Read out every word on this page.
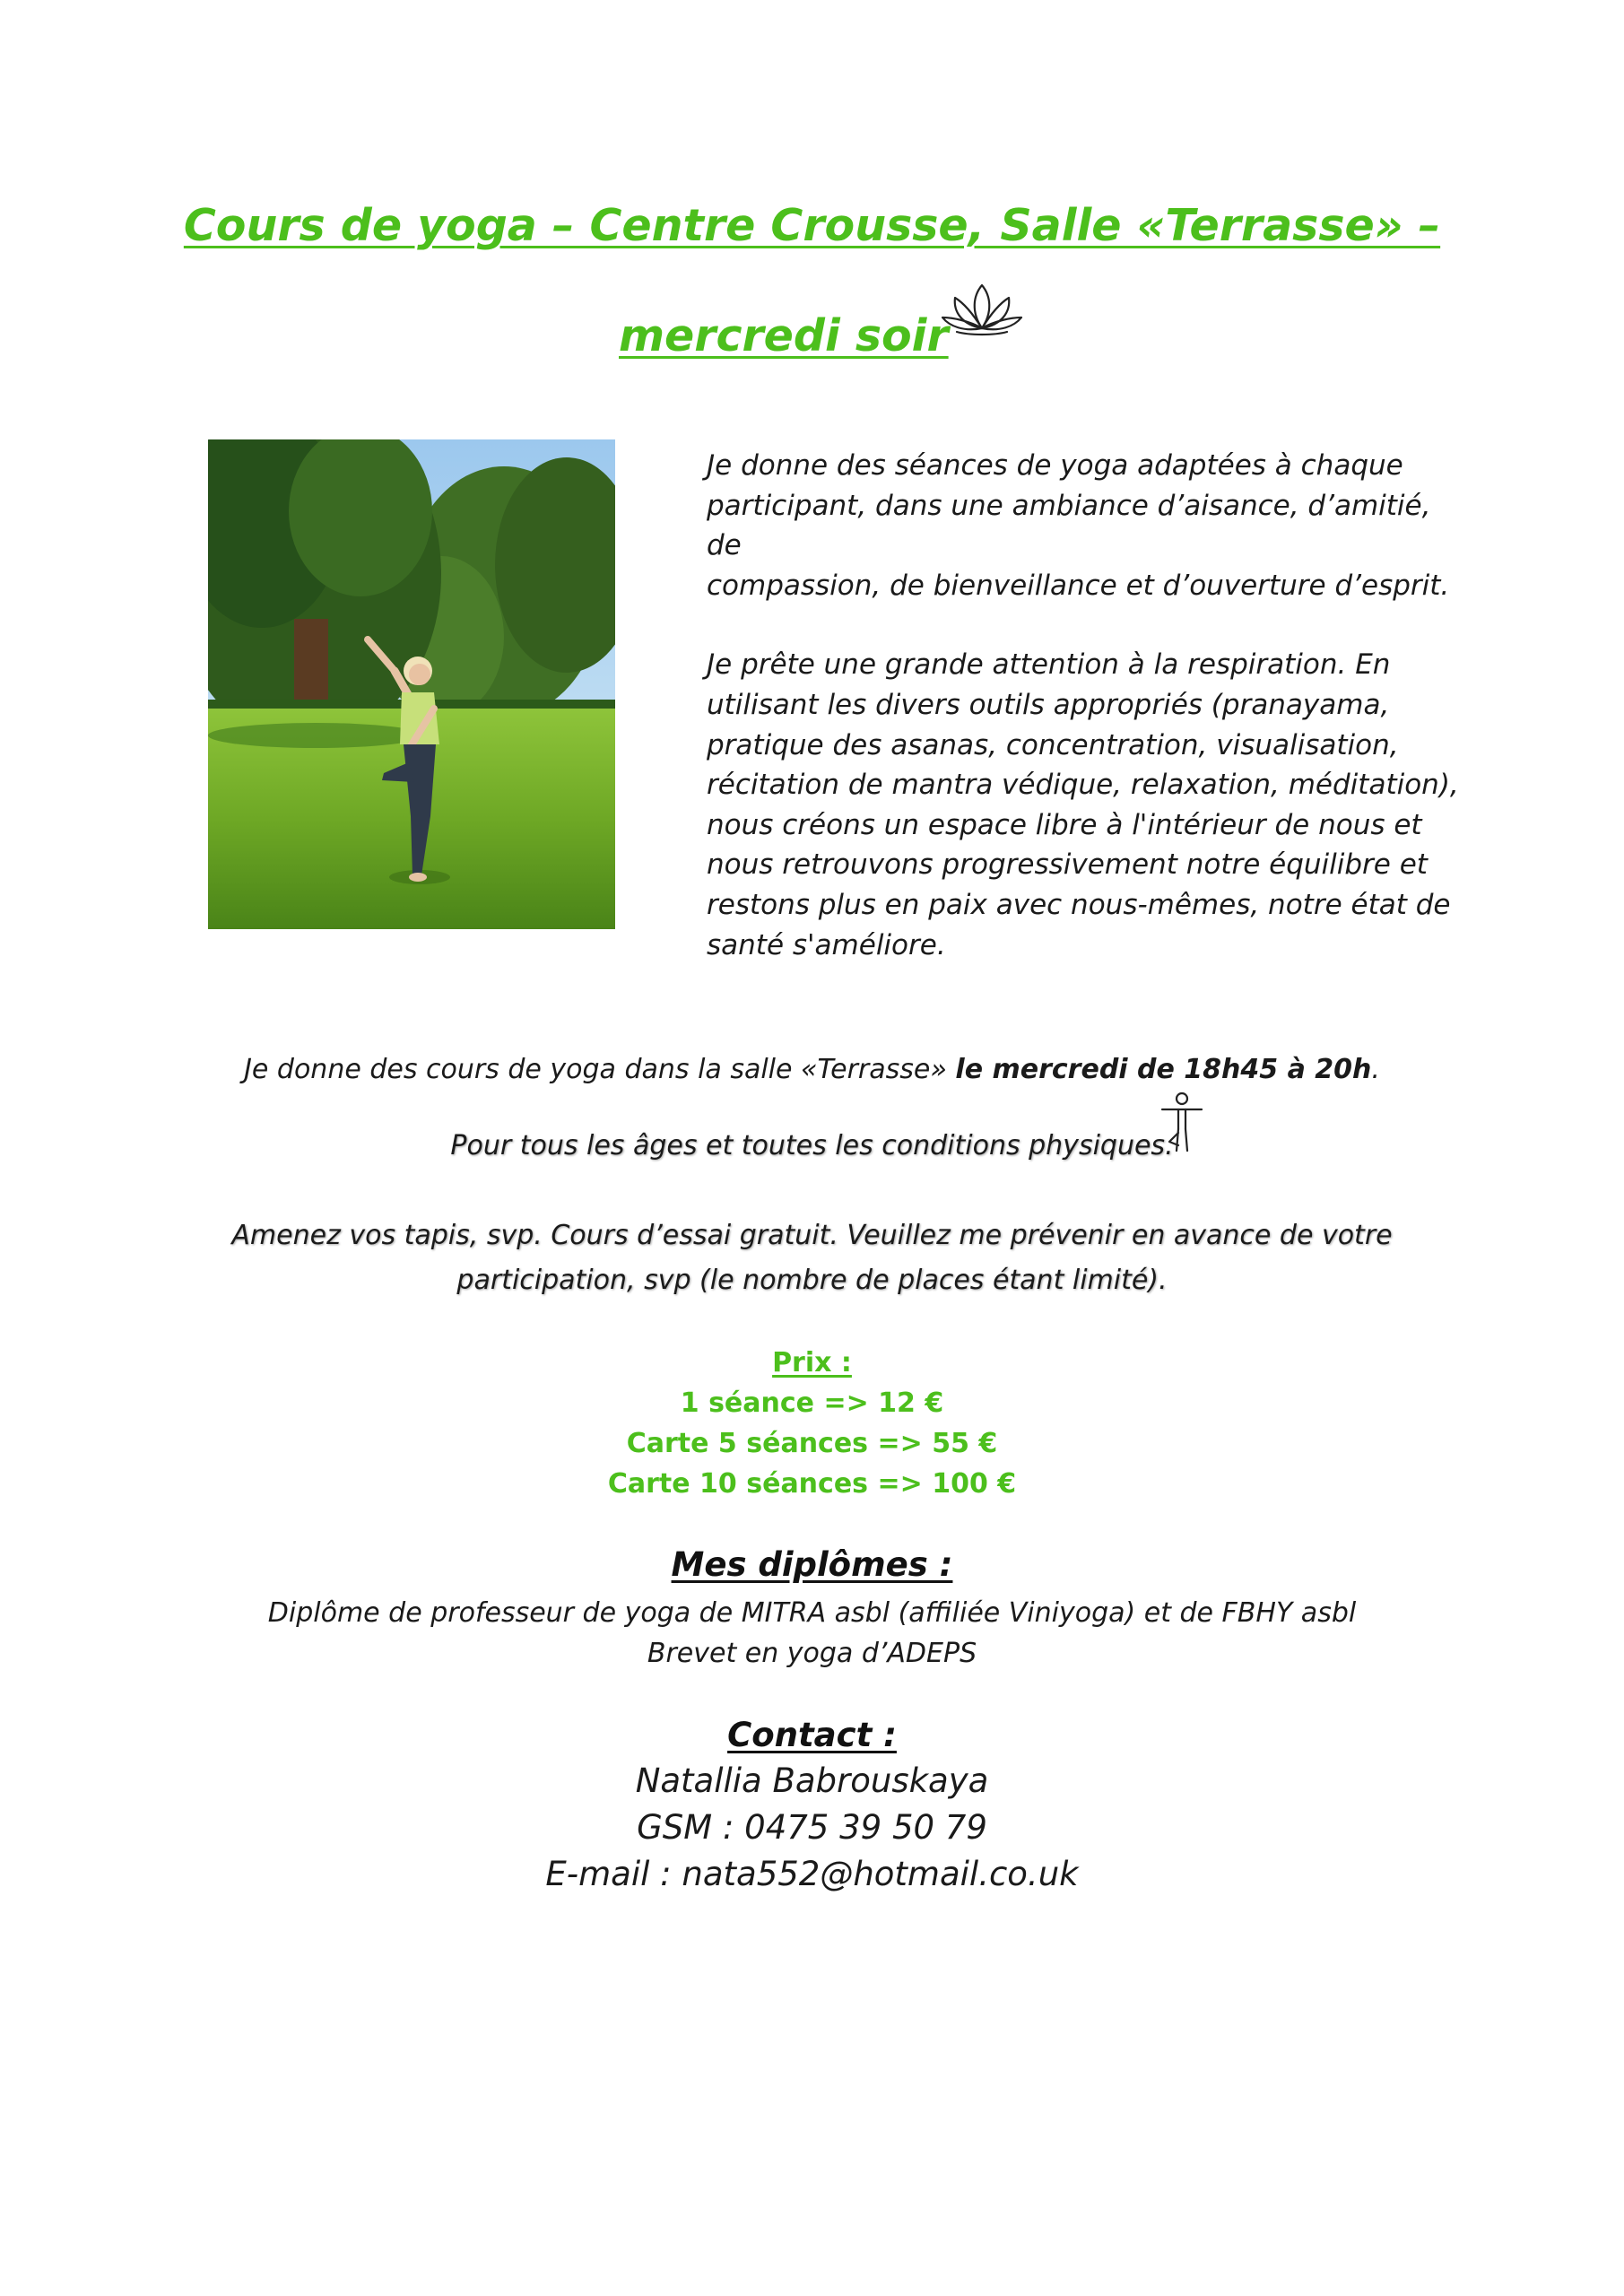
Cours de yoga – Centre Crousse, Salle «Terrasse» –
mercredi soir

Je donne des séances de yoga adaptées à chaque
participant, dans une ambiance d’aisance, d’amitié, de
compassion, de bienveillance et d’ouverture d’esprit.

Je prête une grande attention à la respiration. En
utilisant les divers outils appropriés (pranayama,
pratique des asanas, concentration, visualisation,
récitation de mantra védique, relaxation, méditation),
nous créons un espace libre à l'intérieur de nous et
nous retrouvons progressivement notre équilibre et
restons plus en paix avec nous-mêmes, notre état de
santé s'améliore.

Je donne des cours de yoga dans la salle «Terrasse» le mercredi de 18h45 à 20h.
Pour tous les âges et toutes les conditions physiques.
Amenez vos tapis, svp. Cours d’essai gratuit. Veuillez me prévenir en avance de votre
participation, svp (le nombre de places étant limité).
Prix :
1 séance => 12 €
Carte 5 séances => 55 €
Carte 10 séances => 100 €
Mes diplômes :
Diplôme de professeur de yoga de MITRA asbl (affiliée Viniyoga) et de FBHY asbl
Brevet en yoga d’ADEPS
Contact :
Natallia Babrouskaya
GSM : 0475 39 50 79
E-mail : nata552@hotmail.co.uk
